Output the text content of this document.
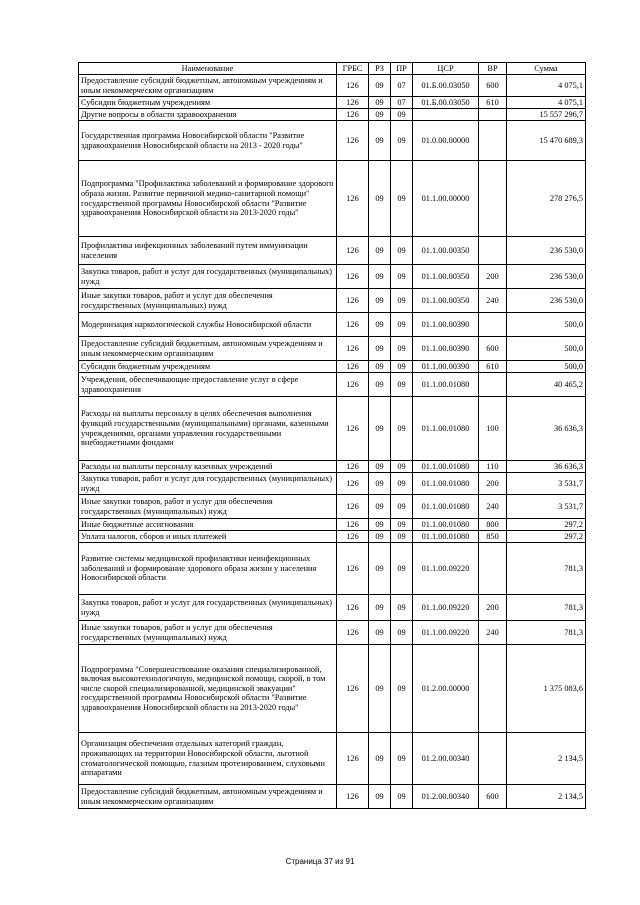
Наименование	ГРБС	РЗ	ПР	ЦСР	ВР	Сумма
Предоставление субсидий бюджетным, автономным учреждениям и иным некоммерческим организациям	126	09	07	01.Б.00.03050	600	4 075,1
Субсидии бюджетным учреждениям	126	09	07	01.Б.00.03050	610	4 075,1
Другие вопросы в области здравоохранения	126	09	09			15 557 296,7
Государственная программа Новосибирской области "Развитие здравоохранения Новосибирской области на 2013 - 2020 годы"	126	09	09	01.0.00.00000		15 470 689,3
Подпрограмма "Профилактика заболеваний и формирование здорового образа жизни. Развитие первичной медико-санитарной помощи" государственной программы Новосибирской области "Развитие здравоохранения Новосибирской области на 2013-2020 годы"	126	09	09	01.1.00.00000		278 276,5
Профилактика инфекционных заболеваний путем иммунизации населения	126	09	09	01.1.00.00350		236 530,0
Закупка товаров, работ и услуг для государственных (муниципальных) нужд	126	09	09	01.1.00.00350	200	236 530,0
Иные закупки товаров, работ и услуг для обеспечения государственных (муниципальных) нужд	126	09	09	01.1.00.00350	240	236 530,0
Модернизация наркологической службы Новосибирской области	126	09	09	01.1.00.00390		500,0
Предоставление субсидий бюджетным, автономным учреждениям и иным некоммерческим организациям	126	09	09	01.1.00.00390	600	500,0
Субсидии бюджетным учреждениям	126	09	09	01.1.00.00390	610	500,0
Учреждения, обеспечивающие предоставление услуг в сфере здравоохранения	126	09	09	01.1.00.01080		40 465,2
Расходы на выплаты персоналу в целях обеспечения выполнения функций государственными (муниципальными) органами, казенными учреждениями, органами управления государственными внебюджетными фондами	126	09	09	01.1.00.01080	100	36 636,3
Расходы на выплаты персоналу казенных учреждений	126	09	09	01.1.00.01080	110	36 636,3
Закупка товаров, работ и услуг для государственных (муниципальных) нужд	126	09	09	01.1.00.01080	200	3 531,7
Иные закупки товаров, работ и услуг для обеспечения государственных (муниципальных) нужд	126	09	09	01.1.00.01080	240	3 531,7
Иные бюджетные ассигнования	126	09	09	01.1.00.01080	800	297,2
Уплата налогов, сборов и иных платежей	126	09	09	01.1.00.01080	850	297,2
Развитие системы медицинской профилактики неинфекционных заболеваний и формирование здорового образа жизни у населения Новосибирской области	126	09	09	01.1.00.09220		781,3
Закупка товаров, работ и услуг для государственных (муниципальных) нужд	126	09	09	01.1.00.09220	200	781,3
Иные закупки товаров, работ и услуг для обеспечения государственных (муниципальных) нужд	126	09	09	01.1.00.09220	240	781,3
Подпрограмма "Совершенствование оказания специализированной, включая высокотехнологичную, медицинской помощи, скорой, в том числе скорой специализированной, медицинской эвакуации" государственной программы Новосибирской области "Развитие здравоохранения Новосибирской области на 2013-2020 годы"	126	09	09	01.2.00.00000		1 375 083,6
Организация обеспечения отдельных категорий граждан, проживающих на территории Новосибирской области, льготной стоматологической помощью, глазным протезированием, слуховыми аппаратами	126	09	09	01.2.00.00340		2 134,5
Предоставление субсидий бюджетным, автономным учреждениям и иным некоммерческим организациям	126	09	09	01.2.00.00340	600	2 134,5
Страница 37 из 91
